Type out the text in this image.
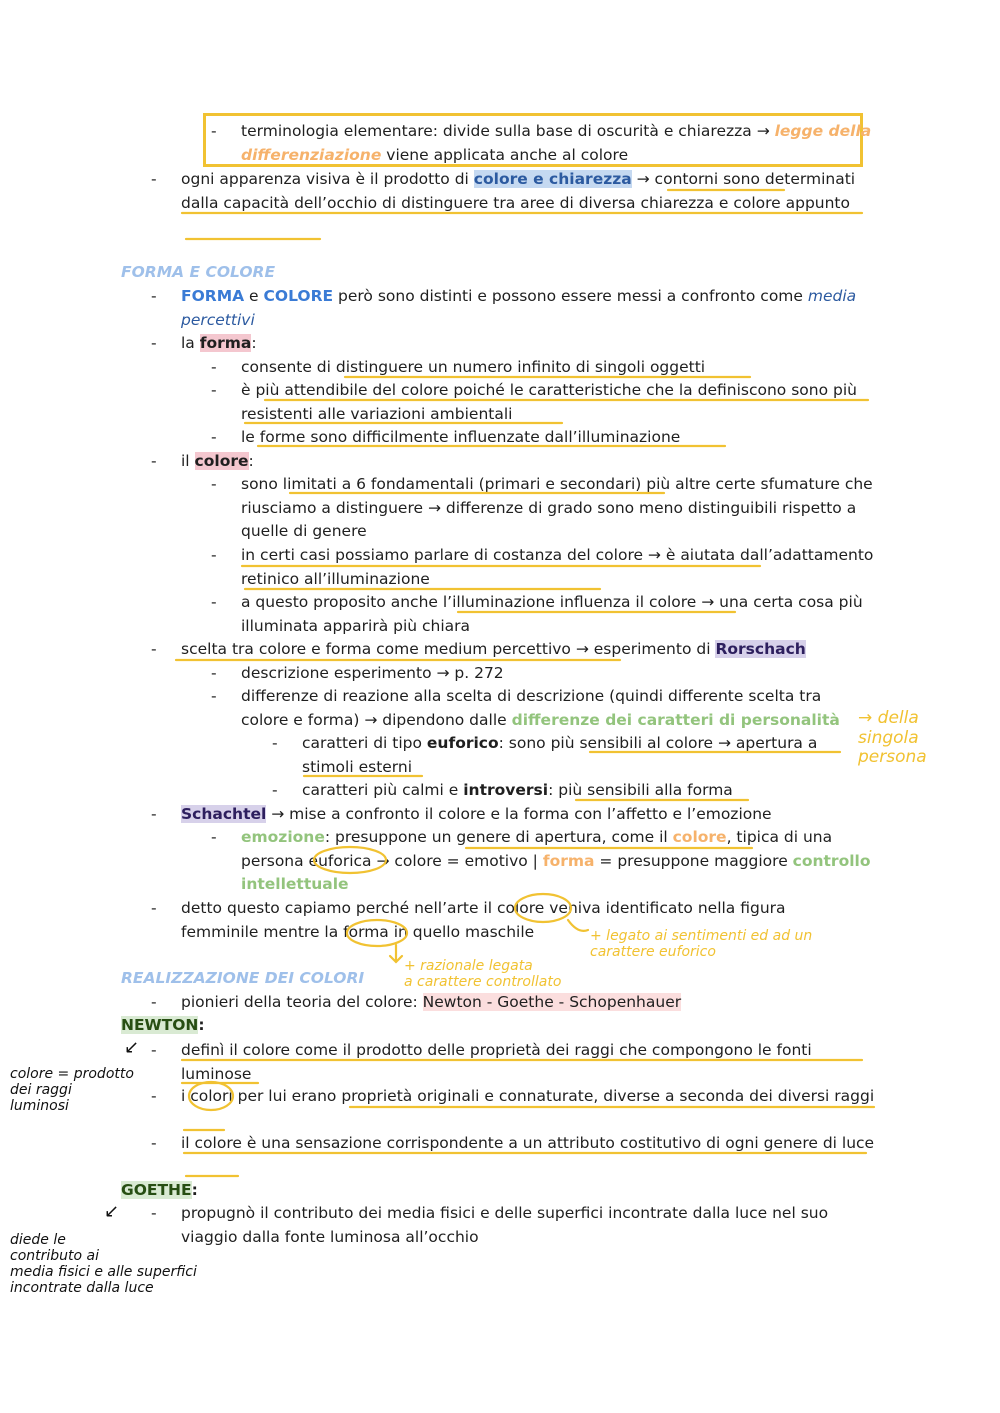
- terminologia elementare: divide sulla base di oscurità e chiarezza → legge della differenziazione viene applicata anche al colore
- ogni apparenza visiva è il prodotto di colore e chiarezza → contorni sono determinati dalla capacità dell’occhio di distinguere tra aree di diversa chiarezza e colore appunto
FORMA E COLORE
- FORMA e COLORE però sono distinti e possono essere messi a confronto come media percettivi
- la forma:
- consente di distinguere un numero infinito di singoli oggetti
- è più attendibile del colore poiché le caratteristiche che la definiscono sono più resistenti alle variazioni ambientali
- le forme sono difficilmente influenzate dall’illuminazione
- il colore:
- sono limitati a 6 fondamentali (primari e secondari) più altre certe sfumature che riusciamo a distinguere → differenze di grado sono meno distinguibili rispetto a quelle di genere
- in certi casi possiamo parlare di costanza del colore → è aiutata dall’adattamento retinico all’illuminazione
- a questo proposito anche l’illuminazione influenza il colore → una certa cosa più illuminata apparirà più chiara
- scelta tra colore e forma come medium percettivo → esperimento di Rorschach
- descrizione esperimento → p. 272
- differenze di reazione alla scelta di descrizione (quindi differente scelta tra colore e forma) → dipendono dalle differenze dei caratteri di personalità
- caratteri di tipo euforico: sono più sensibili al colore → apertura a stimoli esterni
- caratteri più calmi e introversi: più sensibili alla forma
- Schachtel → mise a confronto il colore e la forma con l’affetto e l’emozione
- emozione: presuppone un genere di apertura, come il colore, tipica di una persona euforica → colore = emotivo | forma = presuppone maggiore controllo intellettuale
- detto questo capiamo perché nell’arte il colore veniva identificato nella figura femminile mentre la forma in quello maschile
REALIZZAZIONE DEI COLORI
- pionieri della teoria del colore: Newton - Goethe - Schopenhauer
NEWTON:
- definì il colore come il prodotto delle proprietà dei raggi che compongono le fonti luminose
- i colori per lui erano proprietà originali e connaturate, diverse a seconda dei diversi raggi
- il colore è una sensazione corrispondente a un attributo costitutivo di ogni genere di luce
GOETHE:
- propugnò il contributo dei media fisici e delle superfici incontrate dalla luce nel suo viaggio dalla fonte luminosa all’occhio
→ della
singola
persona
+ legato ai sentimenti ed ad un
carattere euforico
+ razionale legata
a carattere controllato
colore = prodotto
dei raggi
luminosi
diede le
contributo ai
media fisici e alle superfici
incontrate dalla luce
↙
↙
